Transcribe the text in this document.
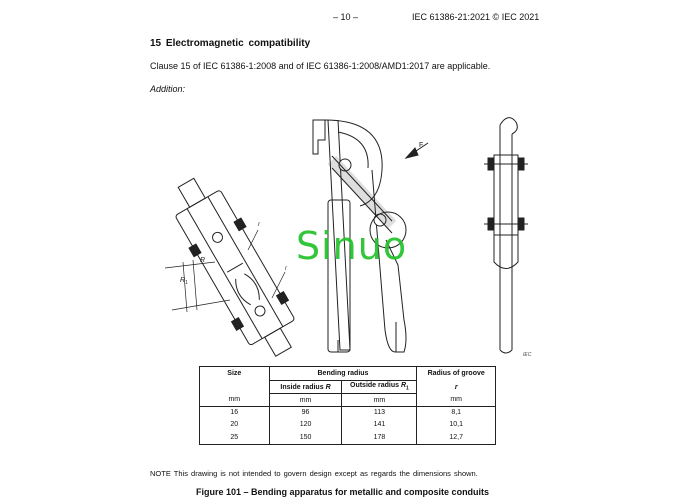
– 10 –	IEC 61386-21:2021 © IEC 2021
15 Electromagnetic compatibility
Clause 15 of IEC 61386-1:2008 and of IEC 61386-1:2008/AMD1:2017 are applicable.
Addition:
R
$R_1$
r
r
F
Sinuo
IEC
Size	Bending radius		Radius of groove
	Inside radius R	Outside radius $R_1$	r
mm	mm	mm	mm
16	96	113	8,1
20	120	141	10,1
25	150	178	12,7
NOTE This drawing is not intended to govern design except as regards the dimensions shown.
Figure 101 – Bending apparatus for metallic and composite conduits
